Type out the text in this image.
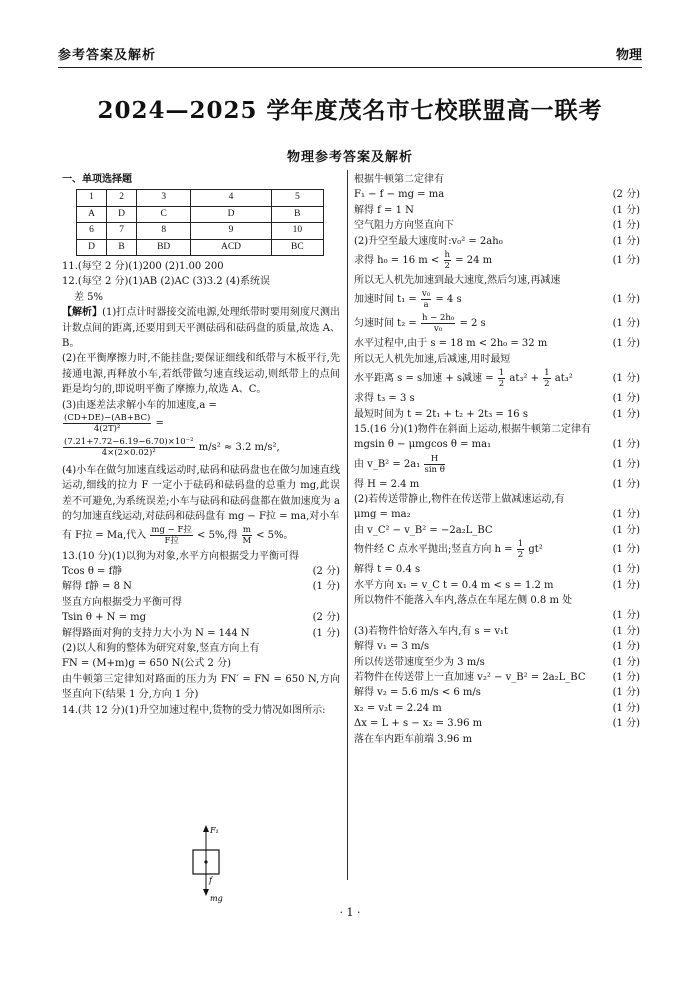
参考答案及解析	物理
2024—2025 学年度茂名市七校联盟高一联考
物理参考答案及解析
一、单项选择题
1	2	3	4	5
A	D	C	D	B
6	7	8	9	10
D	B	BD	ACD	BC
11.(每空 2 分)(1)200 (2)1.00 200
12.(每空 2 分)(1)AB (2)AC (3)3.2 (4)系统误
差 5%
【解析】(1)打点计时器接交流电源,处理纸带时要用刻度尺测出计数点间的距离,还要用到天平测砝码和砝码盘的质量,故选 A、B。
(2)在平衡摩擦力时,不能挂盘;要保证细线和纸带与木板平行,先接通电源,再释放小车,若纸带做匀速直线运动,则纸带上的点间距是均匀的,即说明平衡了摩擦力,故选 A、C。
(3)由逐差法求解小车的加速度,a =
$\frac{(CD+DE)-(AB+BC)}{\text{4(2T)²}}$ =
$\frac{\text{(7.21+7.72−6.19−6.70)×10⁻²}}{\text{4×(2×0.02)²}} m/s^2 \approx 3.2$ m/s²,
(4)小车在做匀加速直线运动时,砝码和砝码盘也在做匀加速直线运动,细线的拉力 F 一定小于砝码和砝码盘的总重力 mg,此误差不可避免,为系统误差;小车与砝码和砝码盘都在做加速度为 a 的匀加速直线运动,对砝码和砝码盘有 mg − F拉 = ma,对小车
有 F拉 = Ma,代入 $\frac{\text{mg − F拉}}{\text{F拉}} < 5\%$,得 $\frac{m}{M} < 5\%$。
13.(10 分)(1)以狗为对象,水平方向根据受力平衡可得
Tcos θ = f静	(2 分)
解得 f静 = 8 N	(1 分)
竖直方向根据受力平衡可得
Tsin θ + N = mg	(2 分)
解得路面对狗的支持力大小为 N = 144 N	(1 分)
(2)以人和狗的整体为研究对象,竖直方向上有
FN = (M+m)g = 650 N(公式 2 分)
由牛顿第三定律知对路面的压力为 FN′ = FN = 650 N,方向竖直向下(结果 1 分,方向 1 分)
14.(共 12 分)(1)升空加速过程中,货物的受力情况如图所示:
F₁
f
mg
根据牛顿第二定律有
F₁ − f − mg = ma	(2 分)
解得 f = 1 N	(1 分)
空气阻力方向竖直向下	(1 分)
(2)升空至最大速度时:v₀² = 2ah₀	(1 分)
求得 h₀ = 16 $m < \frac{h}{2} = 24$ m	(1 分)
所以无人机先加速到最大速度,然后匀速,再减速
加速时间 $t_1 = \frac{\text{v₀}}{a} = 4$ s	(1 分)
匀速时间 $t_2 = \frac{\text{h − 2h₀}}{\text{v₀}} = 2$ s	(1 分)
水平过程中,由于 s = 18 m < 2h₀ = 32 m	(1 分)
所以无人机先加速,后减速,用时最短
水平距离 s = s加速 + s减速 = $\frac{1}{2} at_3^2 + \frac{1}{2} at_3^2$	(1 分)
求得 t₃ = 3 s	(1 分)
最短时间为 t = 2t₁ + t₂ + 2t₃ = 16 s	(1 分)
15.(16 分)(1)物件在斜面上运动,根据牛顿第二定律有
mgsin θ − μmgcos θ = ma₁	(1 分)
由 v_B² = $2a_1 \frac{H}{\text{sin θ}}$	(1 分)
得 H = 2.4 m	(1 分)
(2)若传送带静止,物件在传送带上做减速运动,有
μmg = ma₂	(1 分)
由 v_C² − v_B² = −2a₂L_BC	(1 分)
物件经 C 点水平抛出;竖直方向 $h = \frac{1}{2} gt^2$	(1 分)
解得 t = 0.4 s	(1 分)
水平方向 x₁ = v_C t = 0.4 m < s = 1.2 m	(1 分)
所以物件不能落入车内,落点在车尾左侧 0.8 m 处
(1 分)
(3)若物件恰好落入车内,有 s = v₁t	(1 分)
解得 v₁ = 3 m/s	(1 分)
所以传送带速度至少为 3 m/s	(1 分)
若物件在传送带上一直加速 v₂² − v_B² = 2a₂L_BC	(1 分)
解得 v₂ = 5.6 m/s < 6 m/s	(1 分)
x₂ = v₂t = 2.24 m	(1 分)
Δx = L + s − x₂ = 3.96 m	(1 分)
落在车内距车前端 3.96 m
· 1 ·
